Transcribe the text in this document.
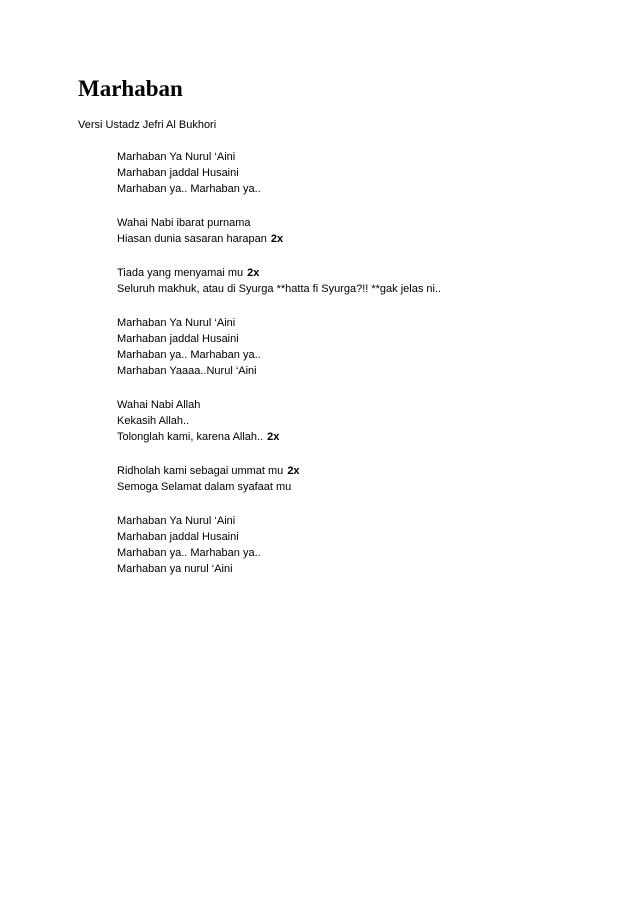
Marhaban
Versi Ustadz Jefri Al Bukhori
Marhaban Ya Nurul ‘Aini
Marhaban jaddal Husaini
Marhaban ya.. Marhaban ya..
Wahai Nabi ibarat purnama
Hiasan dunia sasaran harapan 2x
Tiada yang menyamai mu 2x
Seluruh makhuk, atau di Syurga **hatta fi Syurga?!! **gak jelas ni..
Marhaban Ya Nurul ‘Aini
Marhaban jaddal Husaini
Marhaban ya.. Marhaban ya..
Marhaban Yaaaa..Nurul ‘Aini
Wahai Nabi Allah
Kekasih Allah..
Tolonglah kami, karena Allah.. 2x
Ridholah kami sebagai ummat mu 2x
Semoga Selamat dalam syafaat mu
Marhaban Ya Nurul ‘Aini
Marhaban jaddal Husaini
Marhaban ya.. Marhaban ya..
Marhaban ya nurul ‘Aini
